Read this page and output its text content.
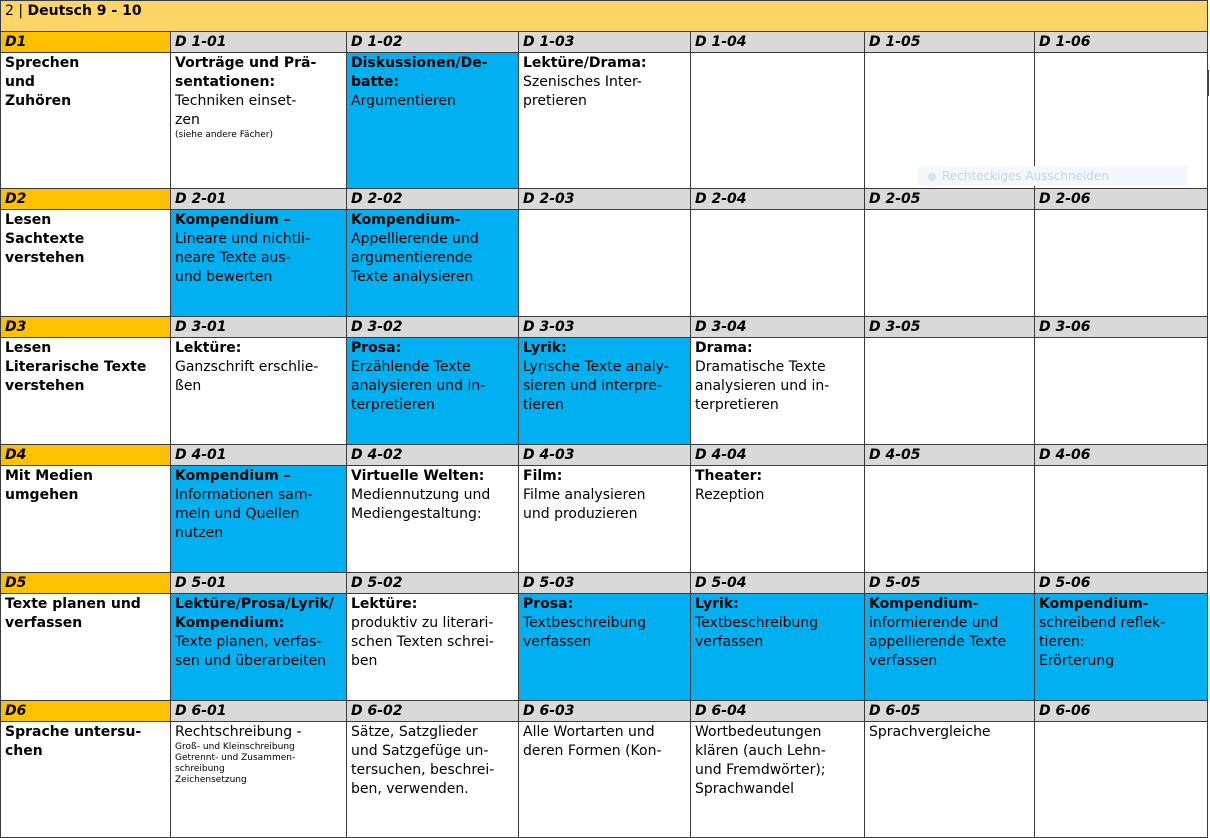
2 | Deutsch 9 - 10						
D1	D 1-01	D 1-02	D 1-03	D 1-04	D 1-05	D 1-06

Sprechen
und
Zuhören	Vorträge und Prä-
sentationen:
Techniken einset-
zen
(siehe andere Fächer)	Diskussionen/De-
batte:
Argumentieren	Lektüre/Drama:
Szenisches Inter-
pretieren			

D2	D 2-01	D 2-02	D 2-03	D 2-04	D 2-05	D 2-06

Lesen
Sachtexte
verstehen	Kompendium –
Lineare und nichtli-
neare Texte aus-
und bewerten	Kompendium-
Appellierende und
argumentierende
Texte analysieren				

D3	D 3-01	D 3-02	D 3-03	D 3-04	D 3-05	D 3-06

Lesen
Literarische Texte
verstehen	Lektüre:
Ganzschrift erschlie-
ßen	Prosa:
Erzählende Texte
analysieren und in-
terpretieren	Lyrik:
Lyrische Texte analy-
sieren und interpre-
tieren	Drama:
Dramatische Texte
analysieren und in-
terpretieren		

D4	D 4-01	D 4-02	D 4-03	D 4-04	D 4-05	D 4-06

Mit Medien
umgehen	Kompendium –
Informationen sam-
meln und Quellen
nutzen	Virtuelle Welten:
Mediennutzung und
Mediengestaltung:	Film:
Filme analysieren
und produzieren	Theater:
Rezeption		

D5	D 5-01	D 5-02	D 5-03	D 5-04	D 5-05	D 5-06

Texte planen und
verfassen	Lektüre/Prosa/Lyrik/
Kompendium:
Texte planen, verfas-
sen und überarbeiten	Lektüre:
produktiv zu literari-
schen Texten schrei-
ben	Prosa:
Textbeschreibung
verfassen	Lyrik:
Textbeschreibung
verfassen	Kompendium-
informierende und
appellierende Texte
verfassen	Kompendium-
schreibend reflek-
tieren:
Erörterung

D6	D 6-01	D 6-02	D 6-03	D 6-04	D 6-05	D 6-06

Sprache untersu-
chen	Rechtschreibung -
Groß- und Kleinschreibung
Getrennt- und Zusammen-
schreibung
Zeichensetzung	Sätze, Satzglieder
und Satzgefüge un-
tersuchen, beschrei-
ben, verwenden.	Alle Wortarten und
deren Formen (Kon-	Wortbedeutungen
klären (auch Lehn-
und Fremdwörter);
Sprachwandel	Sprachvergleiche	

Rechteckiges Ausschneiden
